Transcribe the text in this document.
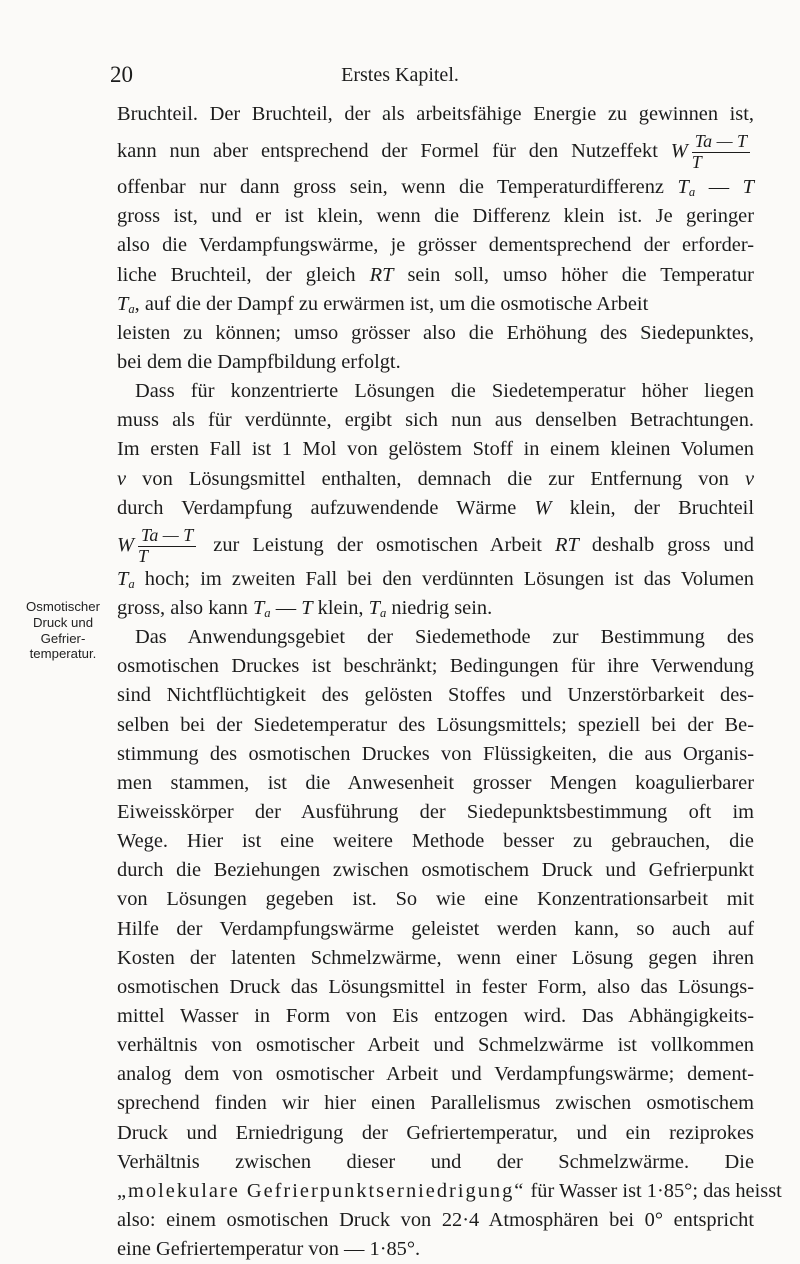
20	Erstes Kapitel.
Osmotischer
Druck und
Gefrier-
temperatur.
Bruchteil. Der Bruchteil, der als arbeitsfähige Energie zu gewinnen ist,
kann nun aber entsprechend der Formel für den Nutzeffekt W $\frac{Ta — T}{T}$
offenbar nur dann gross sein, wenn die Temperaturdifferenz $T_a$ — T
gross ist, und er ist klein, wenn die Differenz klein ist. Je geringer
also die Verdampfungswärme, je grösser dementsprechend der erforder-
liche Bruchteil, der gleich RT sein soll, umso höher die Temperatur
$T_a$, auf die der Dampf zu erwärmen ist, um die osmotische Arbeit
leisten zu können; umso grösser also die Erhöhung des Siedepunktes,
bei dem die Dampfbildung erfolgt.
Dass für konzentrierte Lösungen die Siedetemperatur höher liegen
muss als für verdünnte, ergibt sich nun aus denselben Betrachtungen.
Im ersten Fall ist 1 Mol von gelöstem Stoff in einem kleinen Volumen
v von Lösungsmittel enthalten, demnach die zur Entfernung von v
durch Verdampfung aufzuwendende Wärme W klein, der Bruchteil
W $\frac{Ta — T}{T}$ zur Leistung der osmotischen Arbeit RT deshalb gross und
$T_a$ hoch; im zweiten Fall bei den verdünnten Lösungen ist das Volumen
gross, also kann $T_a$ — T klein, $T_a$ niedrig sein.
Das Anwendungsgebiet der Siedemethode zur Bestimmung des
osmotischen Druckes ist beschränkt; Bedingungen für ihre Verwendung
sind Nichtflüchtigkeit des gelösten Stoffes und Unzerstörbarkeit des-
selben bei der Siedetemperatur des Lösungsmittels; speziell bei der Be-
stimmung des osmotischen Druckes von Flüssigkeiten, die aus Organis-
men stammen, ist die Anwesenheit grosser Mengen koagulierbarer
Eiweisskörper der Ausführung der Siedepunktsbestimmung oft im
Wege. Hier ist eine weitere Methode besser zu gebrauchen, die
durch die Beziehungen zwischen osmotischem Druck und Gefrierpunkt
von Lösungen gegeben ist. So wie eine Konzentrationsarbeit mit
Hilfe der Verdampfungswärme geleistet werden kann, so auch auf
Kosten der latenten Schmelzwärme, wenn einer Lösung gegen ihren
osmotischen Druck das Lösungsmittel in fester Form, also das Lösungs-
mittel Wasser in Form von Eis entzogen wird. Das Abhängigkeits-
verhältnis von osmotischer Arbeit und Schmelzwärme ist vollkommen
analog dem von osmotischer Arbeit und Verdampfungswärme; dement-
sprechend finden wir hier einen Parallelismus zwischen osmotischem
Druck und Erniedrigung der Gefriertemperatur, und ein reziprokes
Verhältnis zwischen dieser und der Schmelzwärme. Die
„molekulare Gefrierpunktserniedrigung“ für Wasser ist 1·85°; das heisst
also: einem osmotischen Druck von 22·4 Atmosphären bei 0° entspricht
eine Gefriertemperatur von — 1·85°.
